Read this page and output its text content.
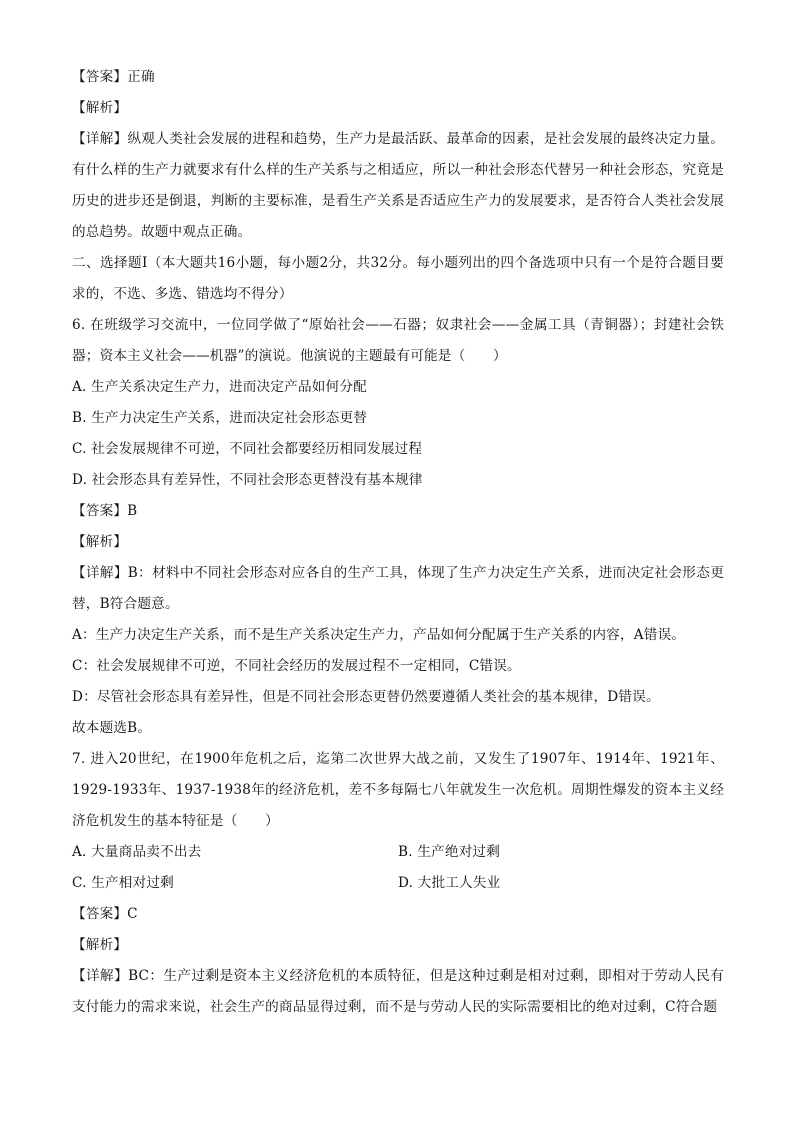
【答案】正确
【解析】
【详解】纵观人类社会发展的进程和趋势，生产力是最活跃、最革命的因素，是社会发展的最终决定力量。有什么样的生产力就要求有什么样的生产关系与之相适应，所以一种社会形态代替另一种社会形态，究竟是历史的进步还是倒退，判断的主要标准，是看生产关系是否适应生产力的发展要求，是否符合人类社会发展的总趋势。故题中观点正确。
二、选择题Ⅰ（本大题共16小题，每小题2分，共32分。每小题列出的四个备选项中只有一个是符合题目要求的，不选、多选、错选均不得分）
6. 在班级学习交流中，一位同学做了“原始社会——石器；奴隶社会——金属工具（青铜器）；封建社会铁器；资本主义社会——机器”的演说。他演说的主题最有可能是（　　）
A. 生产关系决定生产力，进而决定产品如何分配
B. 生产力决定生产关系，进而决定社会形态更替
C. 社会发展规律不可逆，不同社会都要经历相同发展过程
D. 社会形态具有差异性，不同社会形态更替没有基本规律
【答案】B
【解析】
【详解】B：材料中不同社会形态对应各自的生产工具，体现了生产力决定生产关系，进而决定社会形态更替，B符合题意。
A：生产力决定生产关系，而不是生产关系决定生产力，产品如何分配属于生产关系的内容，A错误。
C：社会发展规律不可逆，不同社会经历的发展过程不一定相同，C错误。
D：尽管社会形态具有差异性，但是不同社会形态更替仍然要遵循人类社会的基本规律，D错误。
故本题选B。
7. 进入20世纪，在1900年危机之后，迄第二次世界大战之前，又发生了1907年、1914年、1921年、1929-1933年、1937-1938年的经济危机，差不多每隔七八年就发生一次危机。周期性爆发的资本主义经济危机发生的基本特征是（　　）
A. 大量商品卖不出去	B. 生产绝对过剩
C. 生产相对过剩	D. 大批工人失业
【答案】C
【解析】
【详解】BC：生产过剩是资本主义经济危机的本质特征，但是这种过剩是相对过剩，即相对于劳动人民有支付能力的需求来说，社会生产的商品显得过剩，而不是与劳动人民的实际需要相比的绝对过剩，C符合题
